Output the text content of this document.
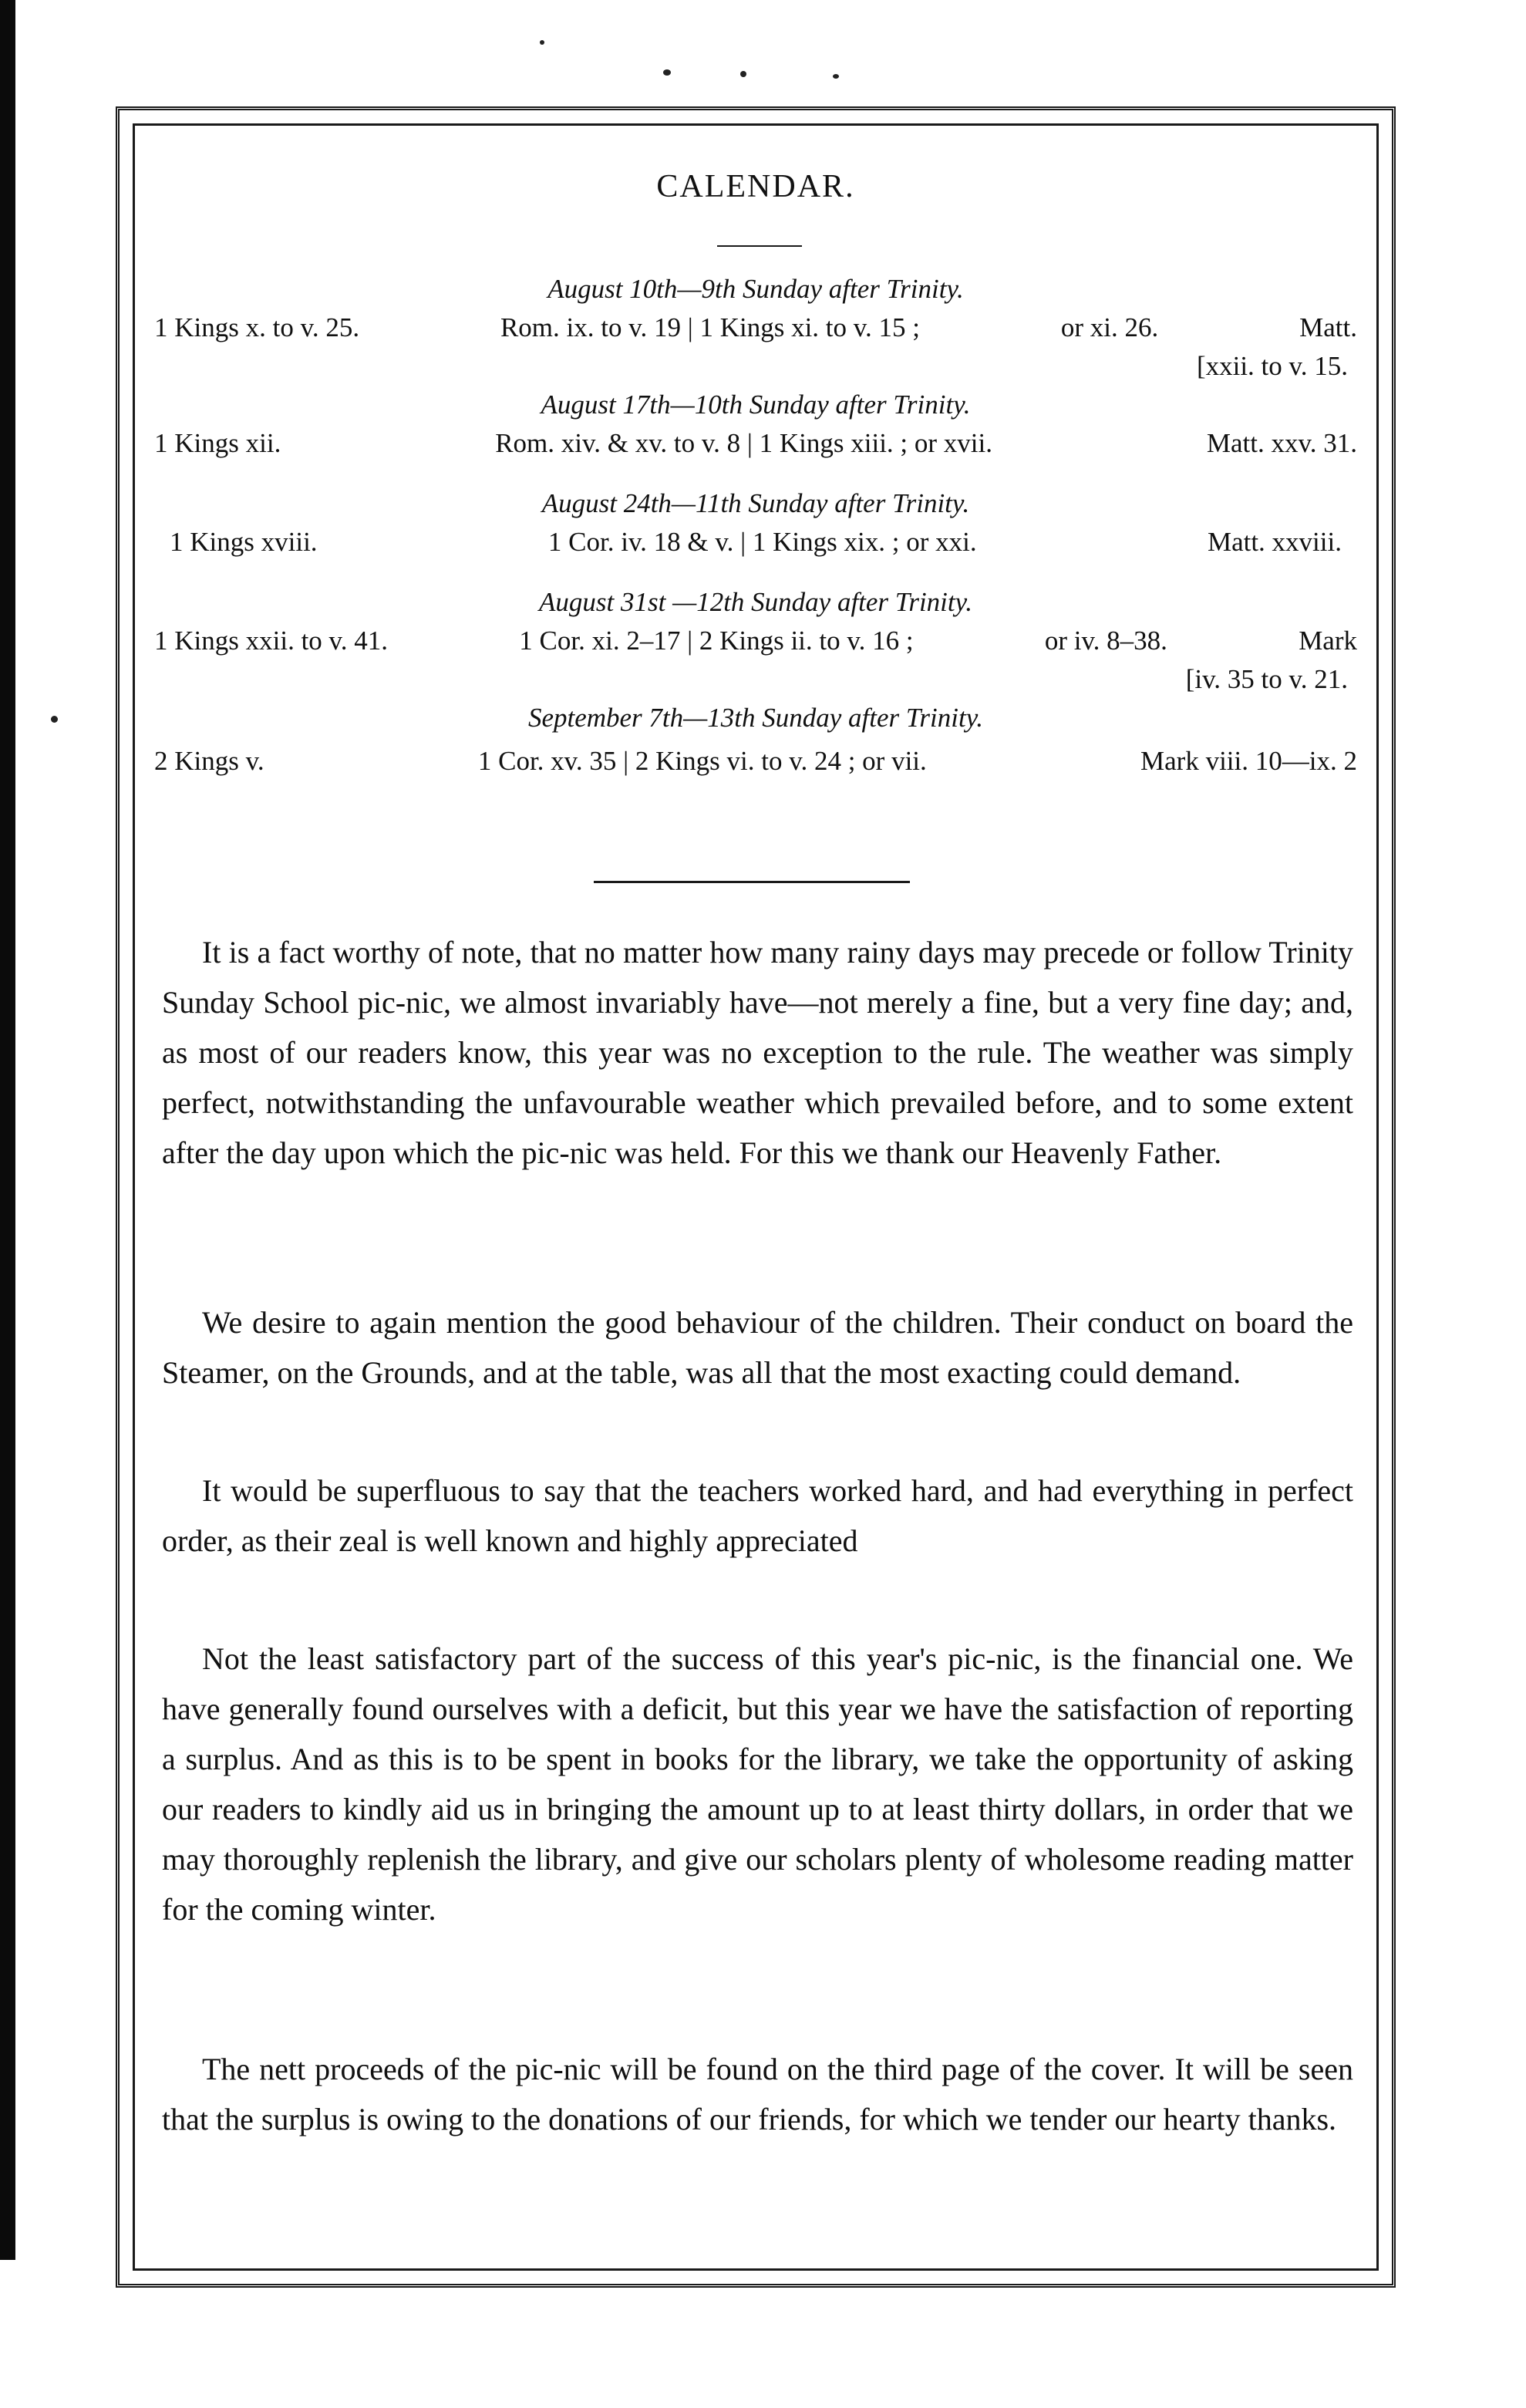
CALENDAR.
August 10th—9th Sunday after Trinity.
1 Kings x. to v. 25.	Rom. ix. to v. 19 | 1 Kings xi. to v. 15 ;	or xi. 26.	Matt.
[xxii. to v. 15.
August 17th—10th Sunday after Trinity.
1 Kings xii.	Rom. xiv. & xv. to v. 8 | 1 Kings xiii. ; or xvii.	Matt. xxv. 31.
August 24th—11th Sunday after Trinity.
1 Kings xviii.	1 Cor. iv. 18 & v. | 1 Kings xix. ; or xxi.	Matt. xxviii.
August 31st —12th Sunday after Trinity.
1 Kings xxii. to v. 41.	1 Cor. xi. 2–17 | 2 Kings ii. to v. 16 ;	or iv. 8–38.	Mark
[iv. 35 to v. 21.
September 7th—13th Sunday after Trinity.
2 Kings v.	1 Cor. xv. 35 | 2 Kings vi. to v. 24 ; or vii.	Mark viii. 10—ix. 2

It is a fact worthy of note, that no matter how many rainy days may precede or follow Trinity Sunday School pic-nic, we almost invariably have—not merely a fine, but a very fine day; and, as most of our readers know, this year was no exception to the rule. The weather was simply perfect, notwithstanding the unfavourable weather which prevailed before, and to some extent after the day upon which the pic-nic was held. For this we thank our Heavenly Father.

We desire to again mention the good behaviour of the children. Their conduct on board the Steamer, on the Grounds, and at the table, was all that the most exacting could demand.

It would be superfluous to say that the teachers worked hard, and had everything in perfect order, as their zeal is well known and highly appreciated

Not the least satisfactory part of the success of this year's pic-nic, is the financial one. We have generally found ourselves with a deficit, but this year we have the satisfaction of reporting a surplus. And as this is to be spent in books for the library, we take the opportunity of asking our readers to kindly aid us in bringing the amount up to at least thirty dollars, in order that we may thoroughly replenish the library, and give our scholars plenty of wholesome reading matter for the coming winter.

The nett proceeds of the pic-nic will be found on the third page of the cover. It will be seen that the surplus is owing to the donations of our friends, for which we tender our hearty thanks.
